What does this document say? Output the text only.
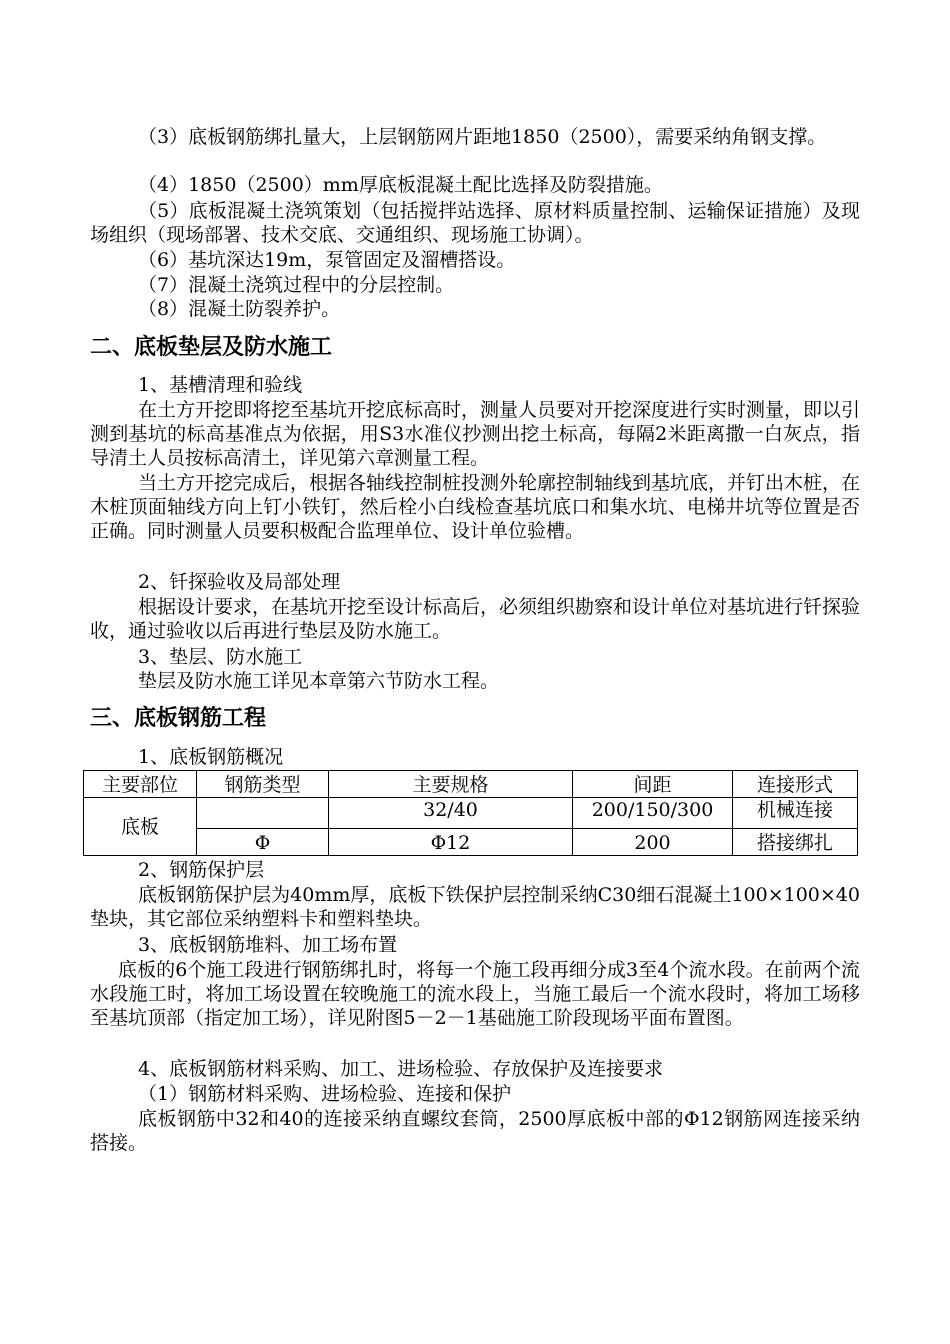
（3）底板钢筋绑扎量大，上层钢筋网片距地1850（2500），需要采纳角钢支撑。

（4）1850（2500）mm厚底板混凝土配比选择及防裂措施。

（5）底板混凝土浇筑策划（包括搅拌站选择、原材料质量控制、运输保证措施）及现场组织（现场部署、技术交底、交通组织、现场施工协调）。

（6）基坑深达19m，泵管固定及溜槽搭设。

（7）混凝土浇筑过程中的分层控制。

（8）混凝土防裂养护。

二、底板垫层及防水施工

1、基槽清理和验线

在土方开挖即将挖至基坑开挖底标高时，测量人员要对开挖深度进行实时测量，即以引测到基坑的标高基准点为依据，用S3水准仪抄测出挖土标高，每隔2米距离撒一白灰点，指导清土人员按标高清土，详见第六章测量工程。

当土方开挖完成后，根据各轴线控制桩投测外轮廓控制轴线到基坑底，并钉出木桩，在木桩顶面轴线方向上钉小铁钉，然后栓小白线检查基坑底口和集水坑、电梯井坑等位置是否正确。同时测量人员要积极配合监理单位、设计单位验槽。

2、钎探验收及局部处理

根据设计要求，在基坑开挖至设计标高后，必须组织勘察和设计单位对基坑进行钎探验收，通过验收以后再进行垫层及防水施工。

3、垫层、防水施工

垫层及防水施工详见本章第六节防水工程。

三、底板钢筋工程

1、底板钢筋概况

主要部位	钢筋类型	主要规格	间距	连接形式
底板		32/40	200/150/300	机械连接
	Φ	Φ12	200	搭接绑扎

2、钢筋保护层

底板钢筋保护层为40mm厚，底板下铁保护层控制采纳C30细石混凝土100×100×40垫块，其它部位采纳塑料卡和塑料垫块。

3、底板钢筋堆料、加工场布置

底板的6个施工段进行钢筋绑扎时，将每一个施工段再细分成3至4个流水段。在前两个流水段施工时，将加工场设置在较晚施工的流水段上，当施工最后一个流水段时，将加工场移至基坑顶部（指定加工场），详见附图5－2－1基础施工阶段现场平面布置图。

4、底板钢筋材料采购、加工、进场检验、存放保护及连接要求

（1）钢筋材料采购、进场检验、连接和保护

底板钢筋中32和40的连接采纳直螺纹套筒，2500厚底板中部的Φ12钢筋网连接采纳搭接。
